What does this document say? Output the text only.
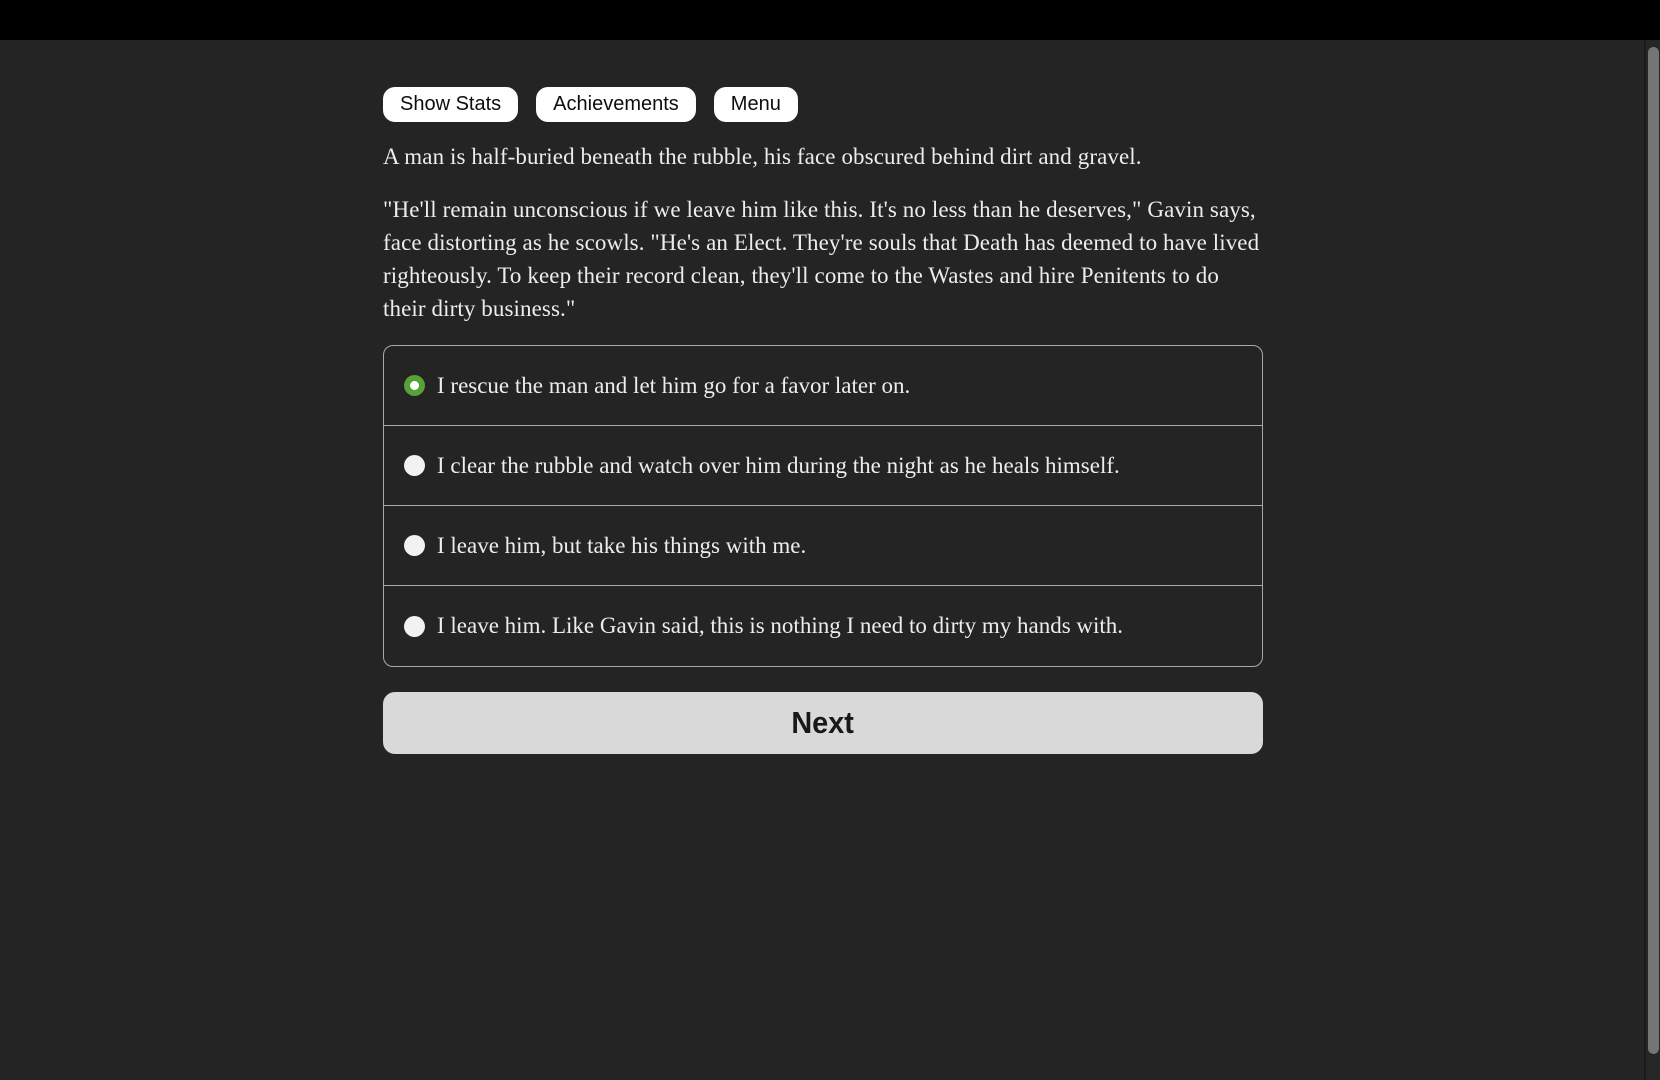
Show Stats	Achievements	Menu

A man is half-buried beneath the rubble, his face obscured behind dirt and gravel.

"He'll remain unconscious if we leave him like this. It's no less than he deserves," Gavin says, face distorting as he scowls. "He's an Elect. They're souls that Death has deemed to have lived righteously. To keep their record clean, they'll come to the Wastes and hire Penitents to do their dirty business."

I rescue the man and let him go for a favor later on.
I clear the rubble and watch over him during the night as he heals himself.
I leave him, but take his things with me.
I leave him. Like Gavin said, this is nothing I need to dirty my hands with.
Next
